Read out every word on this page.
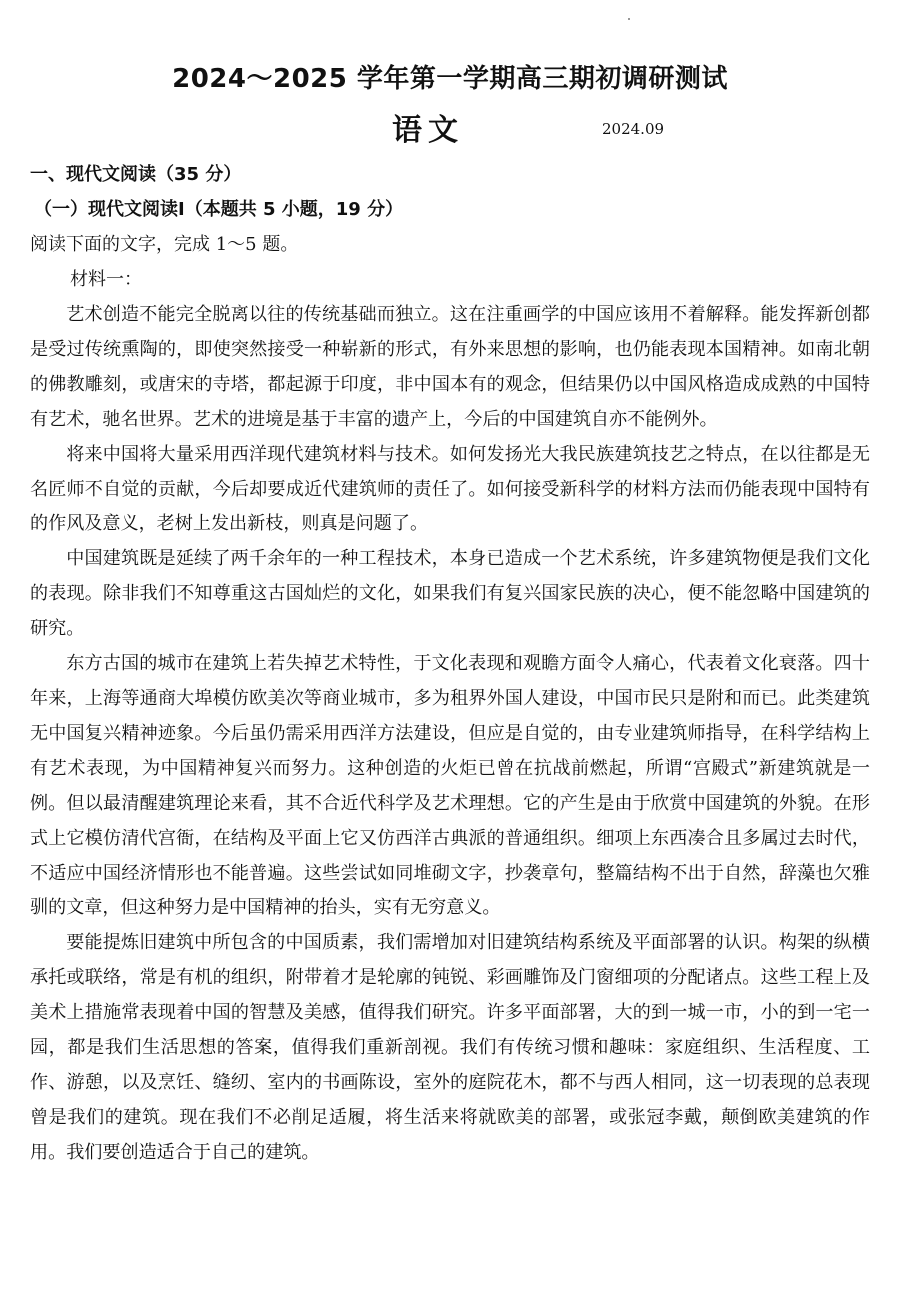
2024～2025 学年第一学期高三期初调研测试
语文	2024.09
一、现代文阅读（35 分）
（一）现代文阅读Ⅰ（本题共 5 小题，19 分）
阅读下面的文字，完成 1～5 题。
材料一：

艺术创造不能完全脱离以往的传统基础而独立。这在注重画学的中国应该用不着解释。能发挥新创都是受过传统熏陶的，即使突然接受一种崭新的形式，有外来思想的影响，也仍能表现本国精神。如南北朝的佛教雕刻，或唐宋的寺塔，都起源于印度，非中国本有的观念，但结果仍以中国风格造成成熟的中国特有艺术，驰名世界。艺术的进境是基于丰富的遗产上，今后的中国建筑自亦不能例外。

将来中国将大量采用西洋现代建筑材料与技术。如何发扬光大我民族建筑技艺之特点，在以往都是无名匠师不自觉的贡献，今后却要成近代建筑师的责任了。如何接受新科学的材料方法而仍能表现中国特有的作风及意义，老树上发出新枝，则真是问题了。

中国建筑既是延续了两千余年的一种工程技术，本身已造成一个艺术系统，许多建筑物便是我们文化的表现。除非我们不知尊重这古国灿烂的文化，如果我们有复兴国家民族的决心，便不能忽略中国建筑的研究。

东方古国的城市在建筑上若失掉艺术特性，于文化表现和观瞻方面令人痛心，代表着文化衰落。四十年来，上海等通商大埠模仿欧美次等商业城市，多为租界外国人建设，中国市民只是附和而已。此类建筑无中国复兴精神迹象。今后虽仍需采用西洋方法建设，但应是自觉的，由专业建筑师指导，在科学结构上有艺术表现，为中国精神复兴而努力。这种创造的火炬已曾在抗战前燃起，所谓“宫殿式”新建筑就是一例。但以最清醒建筑理论来看，其不合近代科学及艺术理想。它的产生是由于欣赏中国建筑的外貌。在形式上它模仿清代宫衙，在结构及平面上它又仿西洋古典派的普通组织。细项上东西凑合且多属过去时代，不适应中国经济情形也不能普遍。这些尝试如同堆砌文字，抄袭章句，整篇结构不出于自然，辞藻也欠雅驯的文章，但这种努力是中国精神的抬头，实有无穷意义。

要能提炼旧建筑中所包含的中国质素，我们需增加对旧建筑结构系统及平面部署的认识。构架的纵横承托或联络，常是有机的组织，附带着才是轮廓的钝锐、彩画雕饰及门窗细项的分配诸点。这些工程上及美术上措施常表现着中国的智慧及美感，值得我们研究。许多平面部署，大的到一城一市，小的到一宅一园，都是我们生活思想的答案，值得我们重新剖视。我们有传统习惯和趣味：家庭组织、生活程度、工作、游憩，以及烹饪、缝纫、室内的书画陈设，室外的庭院花木，都不与西人相同，这一切表现的总表现曾是我们的建筑。现在我们不必削足适履，将生活来将就欧美的部署，或张冠李戴，颠倒欧美建筑的作用。我们要创造适合于自己的建筑。
